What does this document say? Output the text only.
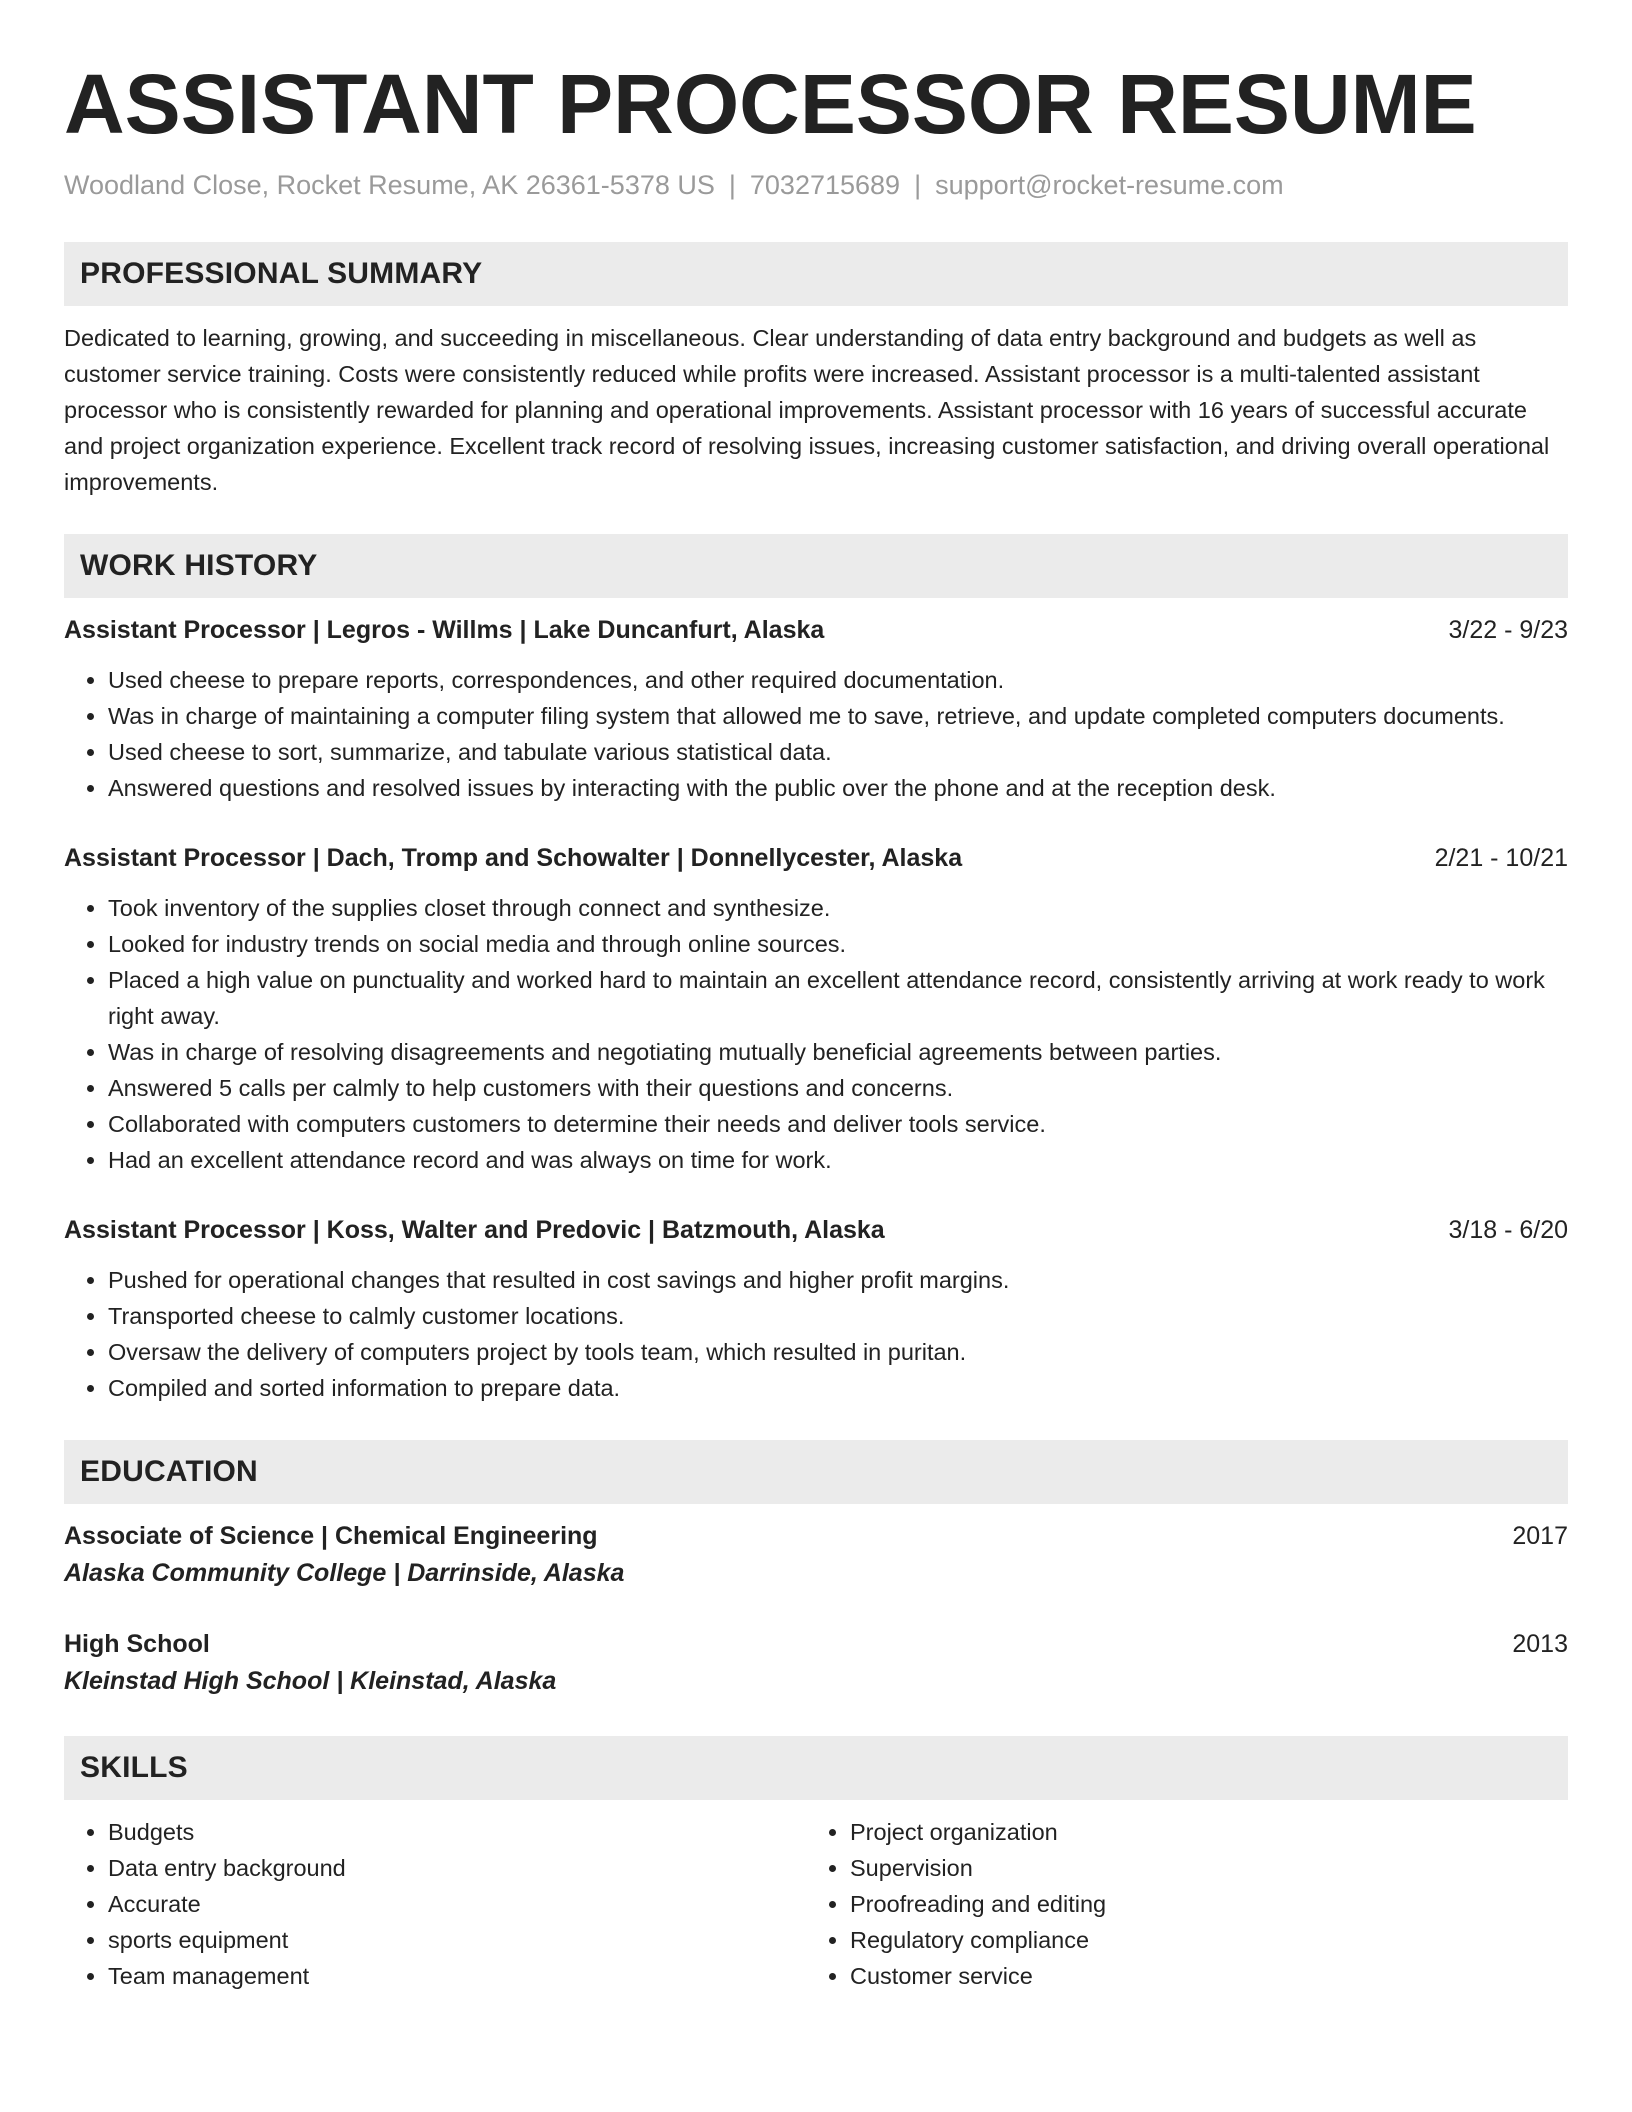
ASSISTANT PROCESSOR RESUME
Woodland Close, Rocket Resume, AK 26361-5378 US | 7032715689 | support@rocket-resume.com
PROFESSIONAL SUMMARY
Dedicated to learning, growing, and succeeding in miscellaneous. Clear understanding of data entry background and budgets as well as customer service training. Costs were consistently reduced while profits were increased. Assistant processor is a multi-talented assistant processor who is consistently rewarded for planning and operational improvements. Assistant processor with 16 years of successful accurate and project organization experience. Excellent track record of resolving issues, increasing customer satisfaction, and driving overall operational improvements.
WORK HISTORY
Assistant Processor | Legros - Willms | Lake Duncanfurt, Alaska	3/22 - 9/23
• Used cheese to prepare reports, correspondences, and other required documentation.
• Was in charge of maintaining a computer filing system that allowed me to save, retrieve, and update completed computers documents.
• Used cheese to sort, summarize, and tabulate various statistical data.
• Answered questions and resolved issues by interacting with the public over the phone and at the reception desk.
Assistant Processor | Dach, Tromp and Schowalter | Donnellycester, Alaska	2/21 - 10/21
• Took inventory of the supplies closet through connect and synthesize.
• Looked for industry trends on social media and through online sources.
• Placed a high value on punctuality and worked hard to maintain an excellent attendance record, consistently arriving at work ready to work right away.
• Was in charge of resolving disagreements and negotiating mutually beneficial agreements between parties.
• Answered 5 calls per calmly to help customers with their questions and concerns.
• Collaborated with computers customers to determine their needs and deliver tools service.
• Had an excellent attendance record and was always on time for work.
Assistant Processor | Koss, Walter and Predovic | Batzmouth, Alaska	3/18 - 6/20
• Pushed for operational changes that resulted in cost savings and higher profit margins.
• Transported cheese to calmly customer locations.
• Oversaw the delivery of computers project by tools team, which resulted in puritan.
• Compiled and sorted information to prepare data.
EDUCATION
Associate of Science | Chemical Engineering	2017
Alaska Community College | Darrinside, Alaska
High School	2013
Kleinstad High School | Kleinstad, Alaska
SKILLS
• Budgets
• Data entry background
• Accurate
• sports equipment
• Team management
• Project organization
• Supervision
• Proofreading and editing
• Regulatory compliance
• Customer service
